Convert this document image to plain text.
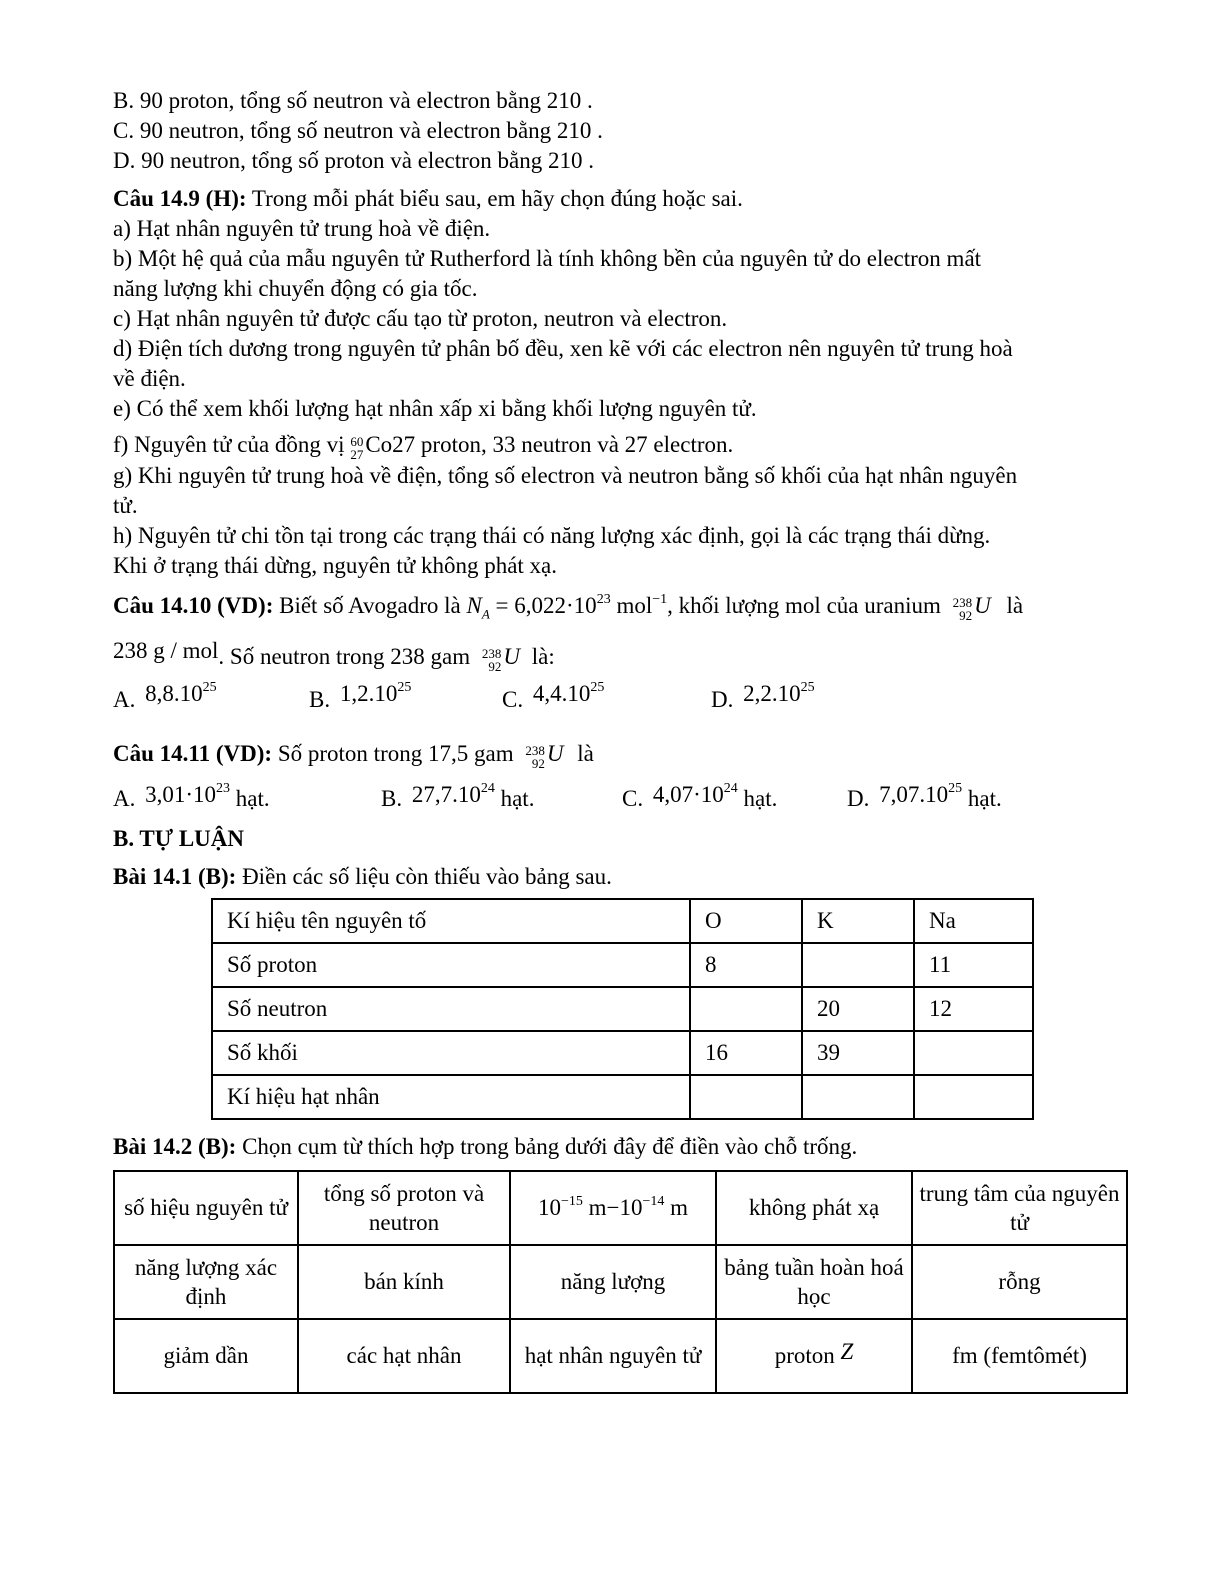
B. 90 proton, tổng số neutron và electron bằng 210 .
C. 90 neutron, tổng số neutron và electron bằng 210 .
D. 90 neutron, tổng số proton và electron bằng 210 .
Câu 14.9 (H): Trong mỗi phát biểu sau, em hãy chọn đúng hoặc sai.
a) Hạt nhân nguyên tử trung hoà về điện.
b) Một hệ quả của mẫu nguyên tử Rutherford là tính không bền của nguyên tử do electron mất
năng lượng khi chuyển động có gia tốc.
c) Hạt nhân nguyên tử được cấu tạo từ proton, neutron và electron.
d) Điện tích dương trong nguyên tử phân bố đều, xen kẽ với các electron nên nguyên tử trung hoà
về điện.
e) Có thể xem khối lượng hạt nhân xấp xi bằng khối lượng nguyên tử.
f) Nguyên tử của đồng vị 60
27 Co27 proton, 33 neutron và 27 electron.
g) Khi nguyên tử trung hoà về điện, tổng số electron và neutron bằng số khối của hạt nhân nguyên
tử.
h) Nguyên tử chi tồn tại trong các trạng thái có năng lượng xác định, gọi là các trạng thái dừng.
Khi ở trạng thái dừng, nguyên tử không phát xạ.
Câu 14.10 (VD): Biết số Avogadro là $N_A = 6,022\cdot 10^{23}$ mol$^{-1}$, khối lượng mol của uranium 238
92 U là
238 g / mol. Số neutron trong 238 gam 238
92 U là:
A. 8,8.10$^{25}$	B. 1,2.10$^{25}$	C. 4,4.10$^{25}$	D. 2,2.10$^{25}$
Câu 14.11 (VD): Số proton trong 17,5 gam 238
92 U là
A. $3,01\cdot 10^{23}$ hạt.	B. 27,7.10$^{24}$ hạt.	C. $4,07\cdot 10^{24}$ hạt.	D. 7,07.10$^{25}$ hạt.
B. TỰ LUẬN
Bài 14.1 (B): Điền các số liệu còn thiếu vào bảng sau.
Kí hiệu tên nguyên tố	O	K	Na
Số proton	8		11
Số neutron		20	12
Số khối	16	39	
Kí hiệu hạt nhân			
Bài 14.2 (B): Chọn cụm từ thích hợp trong bảng dưới đây để điền vào chỗ trống.
số hiệu nguyên tử	tổng số proton và neutron	$10^{-15}$ $m-10^{-14}$ m	không phát xạ	trung tâm của nguyên tử
năng lượng xác định	bán kính	năng lượng	bảng tuần hoàn hoá học	rỗng
giảm dần	các hạt nhân	hạt nhân nguyên tử	proton Z	fm (femtômét)
